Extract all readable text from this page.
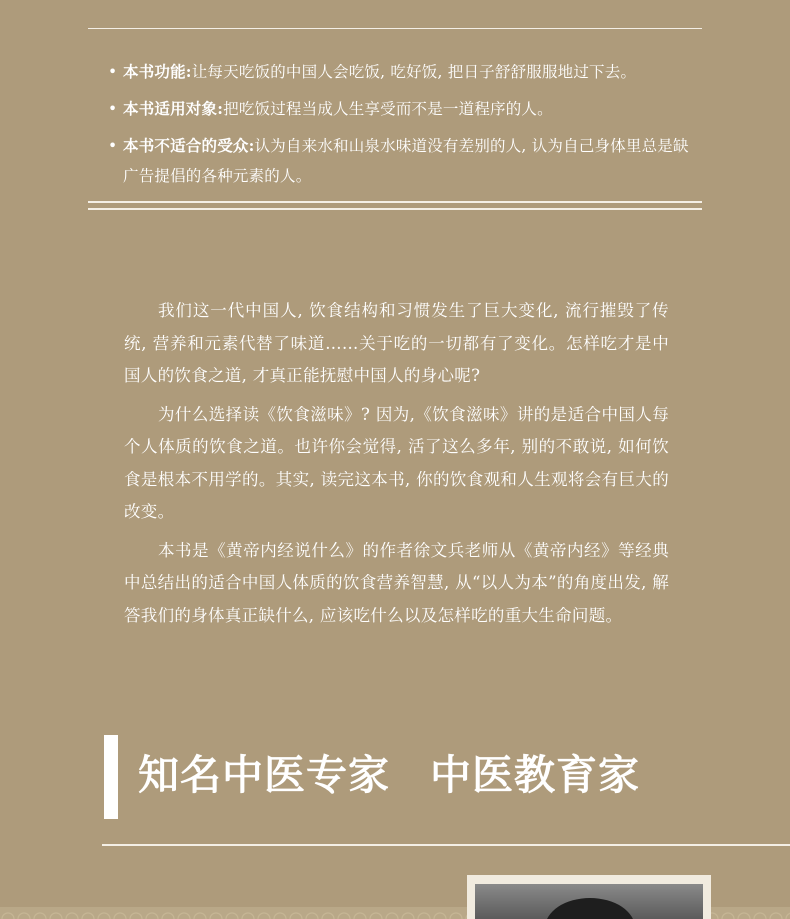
• 本书功能:让每天吃饭的中国人会吃饭, 吃好饭, 把日子舒舒服服地过下去。
• 本书适用对象:把吃饭过程当成人生享受而不是一道程序的人。
• 本书不适合的受众:认为自来水和山泉水味道没有差别的人, 认为自己身体里总是缺广告提倡的各种元素的人。

我们这一代中国人, 饮食结构和习惯发生了巨大变化, 流行摧毁了传统, 营养和元素代替了味道……关于吃的一切都有了变化。怎样吃才是中国人的饮食之道, 才真正能抚慰中国人的身心呢?

为什么选择读《饮食滋味》? 因为,《饮食滋味》讲的是适合中国人每个人体质的饮食之道。也许你会觉得, 活了这么多年, 别的不敢说, 如何饮食是根本不用学的。其实, 读完这本书, 你的饮食观和人生观将会有巨大的改变。

本书是《黄帝内经说什么》的作者徐文兵老师从《黄帝内经》等经典中总结出的适合中国人体质的饮食营养智慧, 从“以人为本”的角度出发, 解答我们的身体真正缺什么, 应该吃什么以及怎样吃的重大生命问题。

知名中医专家 中医教育家
